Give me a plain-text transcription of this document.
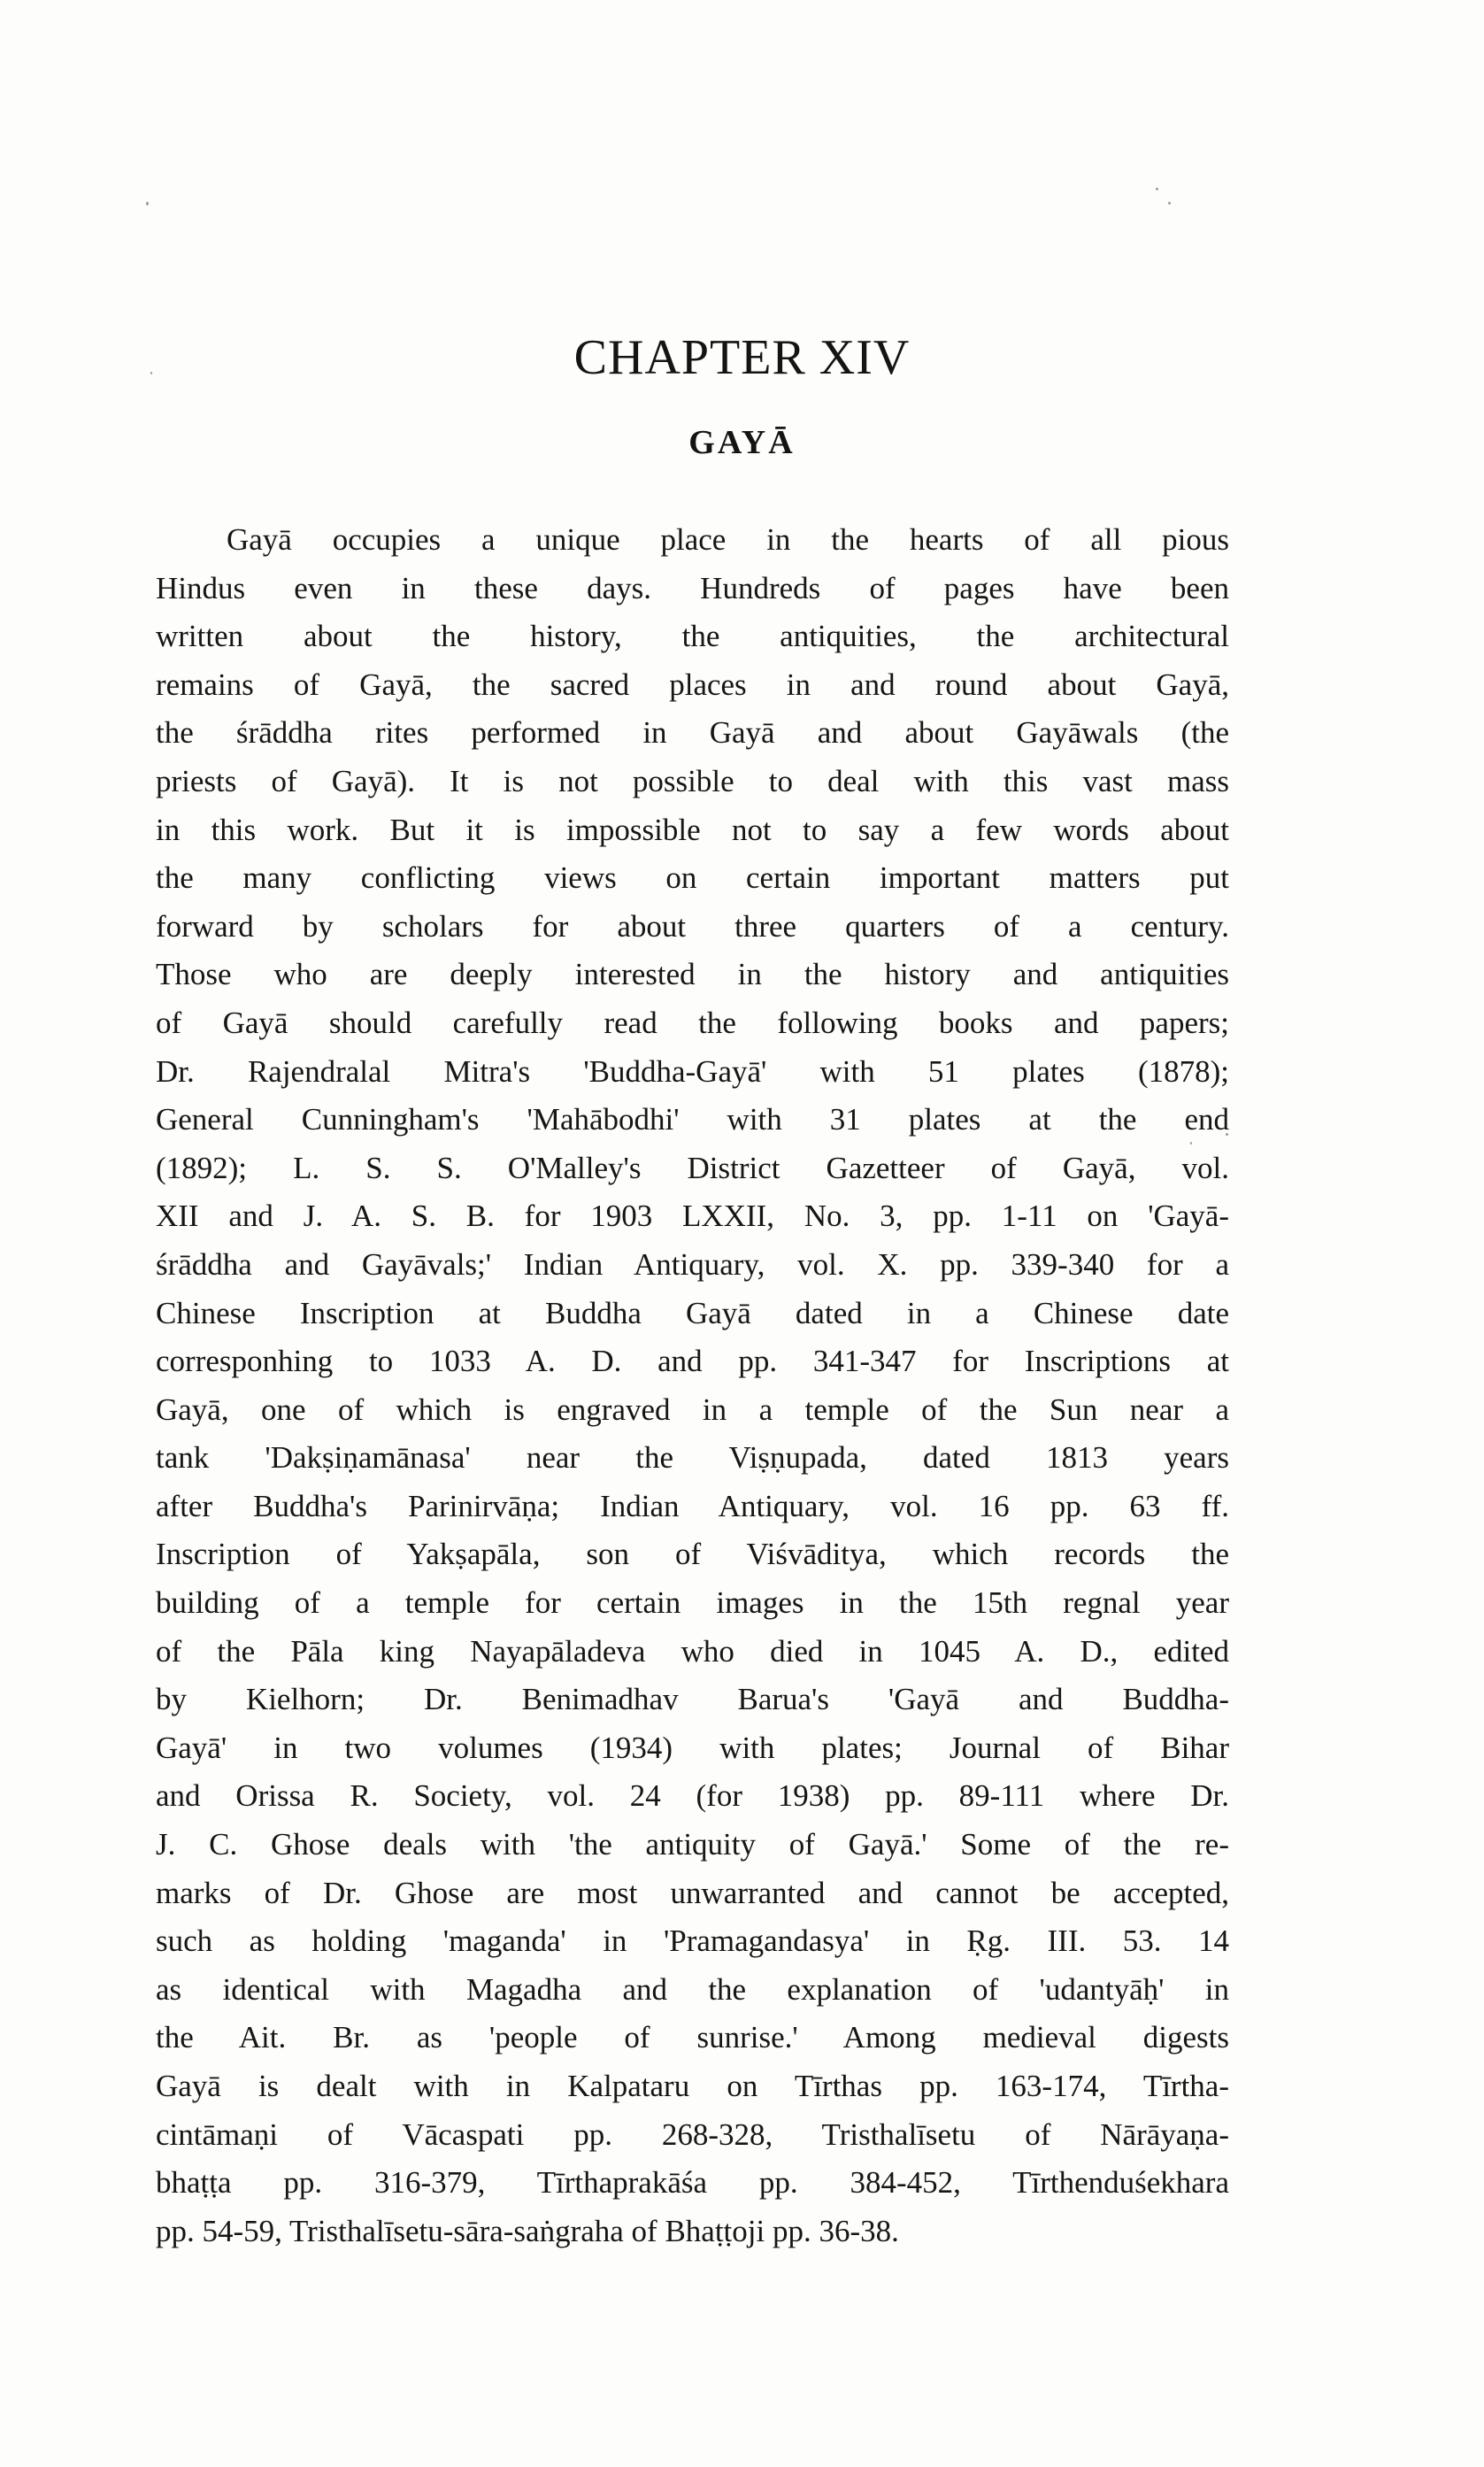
CHAPTER XIV
GAYĀ
Gayā occupies a unique place in the hearts of all pious
Hindus even in these days. Hundreds of pages have been
written about the history, the antiquities, the architectural
remains of Gayā, the sacred places in and round about Gayā,
the śrāddha rites performed in Gayā and about Gayāwals (the
priests of Gayā). It is not possible to deal with this vast mass
in this work. But it is impossible not to say a few words about
the many conflicting views on certain important matters put
forward by scholars for about three quarters of a century.
Those who are deeply interested in the history and antiquities
of Gayā should carefully read the following books and papers;
Dr. Rajendralal Mitra's 'Buddha-Gayā' with 51 plates (1878);
General Cunningham's 'Mahābodhi' with 31 plates at the end
(1892); L. S. S. O'Malley's District Gazetteer of Gayā, vol.
XII and J. A. S. B. for 1903 LXXII, No. 3, pp. 1-11 on 'Gayā-
śrāddha and Gayāvals;' Indian Antiquary, vol. X. pp. 339-340 for a
Chinese Inscription at Buddha Gayā dated in a Chinese date
corresponhing to 1033 A. D. and pp. 341-347 for Inscriptions at
Gayā, one of which is engraved in a temple of the Sun near a
tank 'Dakṣiṇamānasa' near the Viṣṇupada, dated 1813 years
after Buddha's Parinirvāṇa; Indian Antiquary, vol. 16 pp. 63 ff.
Inscription of Yakṣapāla, son of Viśvāditya, which records the
building of a temple for certain images in the 15th regnal year
of the Pāla king Nayapāladeva who died in 1045 A. D., edited
by Kielhorn; Dr. Benimadhav Barua's 'Gayā and Buddha-
Gayā' in two volumes (1934) with plates; Journal of Bihar
and Orissa R. Society, vol. 24 (for 1938) pp. 89-111 where Dr.
J. C. Ghose deals with 'the antiquity of Gayā.' Some of the re-
marks of Dr. Ghose are most unwarranted and cannot be accepted,
such as holding 'maganda' in 'Pramagandasya' in Ṛg. III. 53. 14
as identical with Magadha and the explanation of 'udantyāḥ' in
the Ait. Br. as 'people of sunrise.' Among medieval digests
Gayā is dealt with in Kalpataru on Tīrthas pp. 163-174, Tīrtha-
cintāmaṇi of Vācaspati pp. 268-328, Tristhalīsetu of Nārāyaṇa-
bhaṭṭa pp. 316-379, Tīrthaprakāśa pp. 384-452, Tīrthenduśekhara
pp. 54-59, Tristhalīsetu-sāra-saṅgraha of Bhaṭṭoji pp. 36-38.
